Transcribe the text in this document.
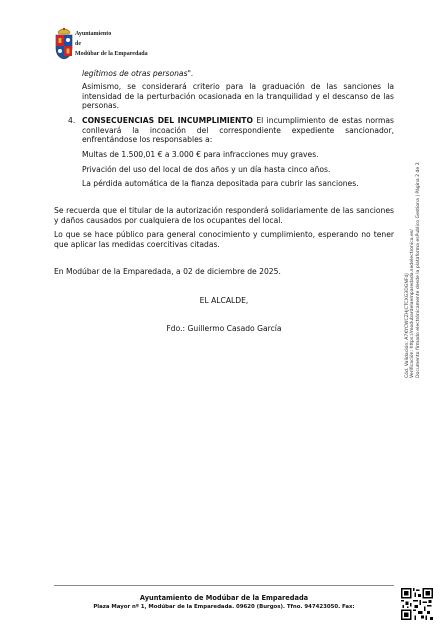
Ayuntamiento
de
Modúbar de la Emparedada

legítimos de otras personas".

Asimismo, se considerará criterio para la graduación de las sanciones la intensidad de la perturbación ocasionada en la tranquilidad y el descanso de las personas.

4. CONSECUENCIAS DEL INCUMPLIMIENTO El incumplimiento de estas normas conllevará la incoación del correspondiente expediente sancionador, enfrentándose los responsables a:

Multas de 1.500,01 € a 3.000 € para infracciones muy graves.

Privación del uso del local de dos años y un día hasta cinco años.

La pérdida automática de la fianza depositada para cubrir las sanciones.

Se recuerda que el titular de la autorización responderá solidariamente de las sanciones y daños causados por cualquiera de los ocupantes del local.

Lo que se hace público para general conocimiento y cumplimiento, esperando no tener que aplicar las medidas coercitivas citadas.

En Modúbar de la Emparedada, a 02 de diciembre de 2025.

EL ALCALDE,

Fdo.: Guillermo Casado García	Cód. Validación: A7KYCWCZHJCTCXG3DGNF4J Verificación: https://modubardelaemparedada.sedelectronica.es/ Documento firmado electrónicamente desde la plataforma esPublico Gestiona | Página 2 de 2
Ayuntamiento de Modúbar de la Emparedada
Plaza Mayor nº 1, Modúbar de la Emparedada. 09620 (Burgos). Tfno. 947423050. Fax:
